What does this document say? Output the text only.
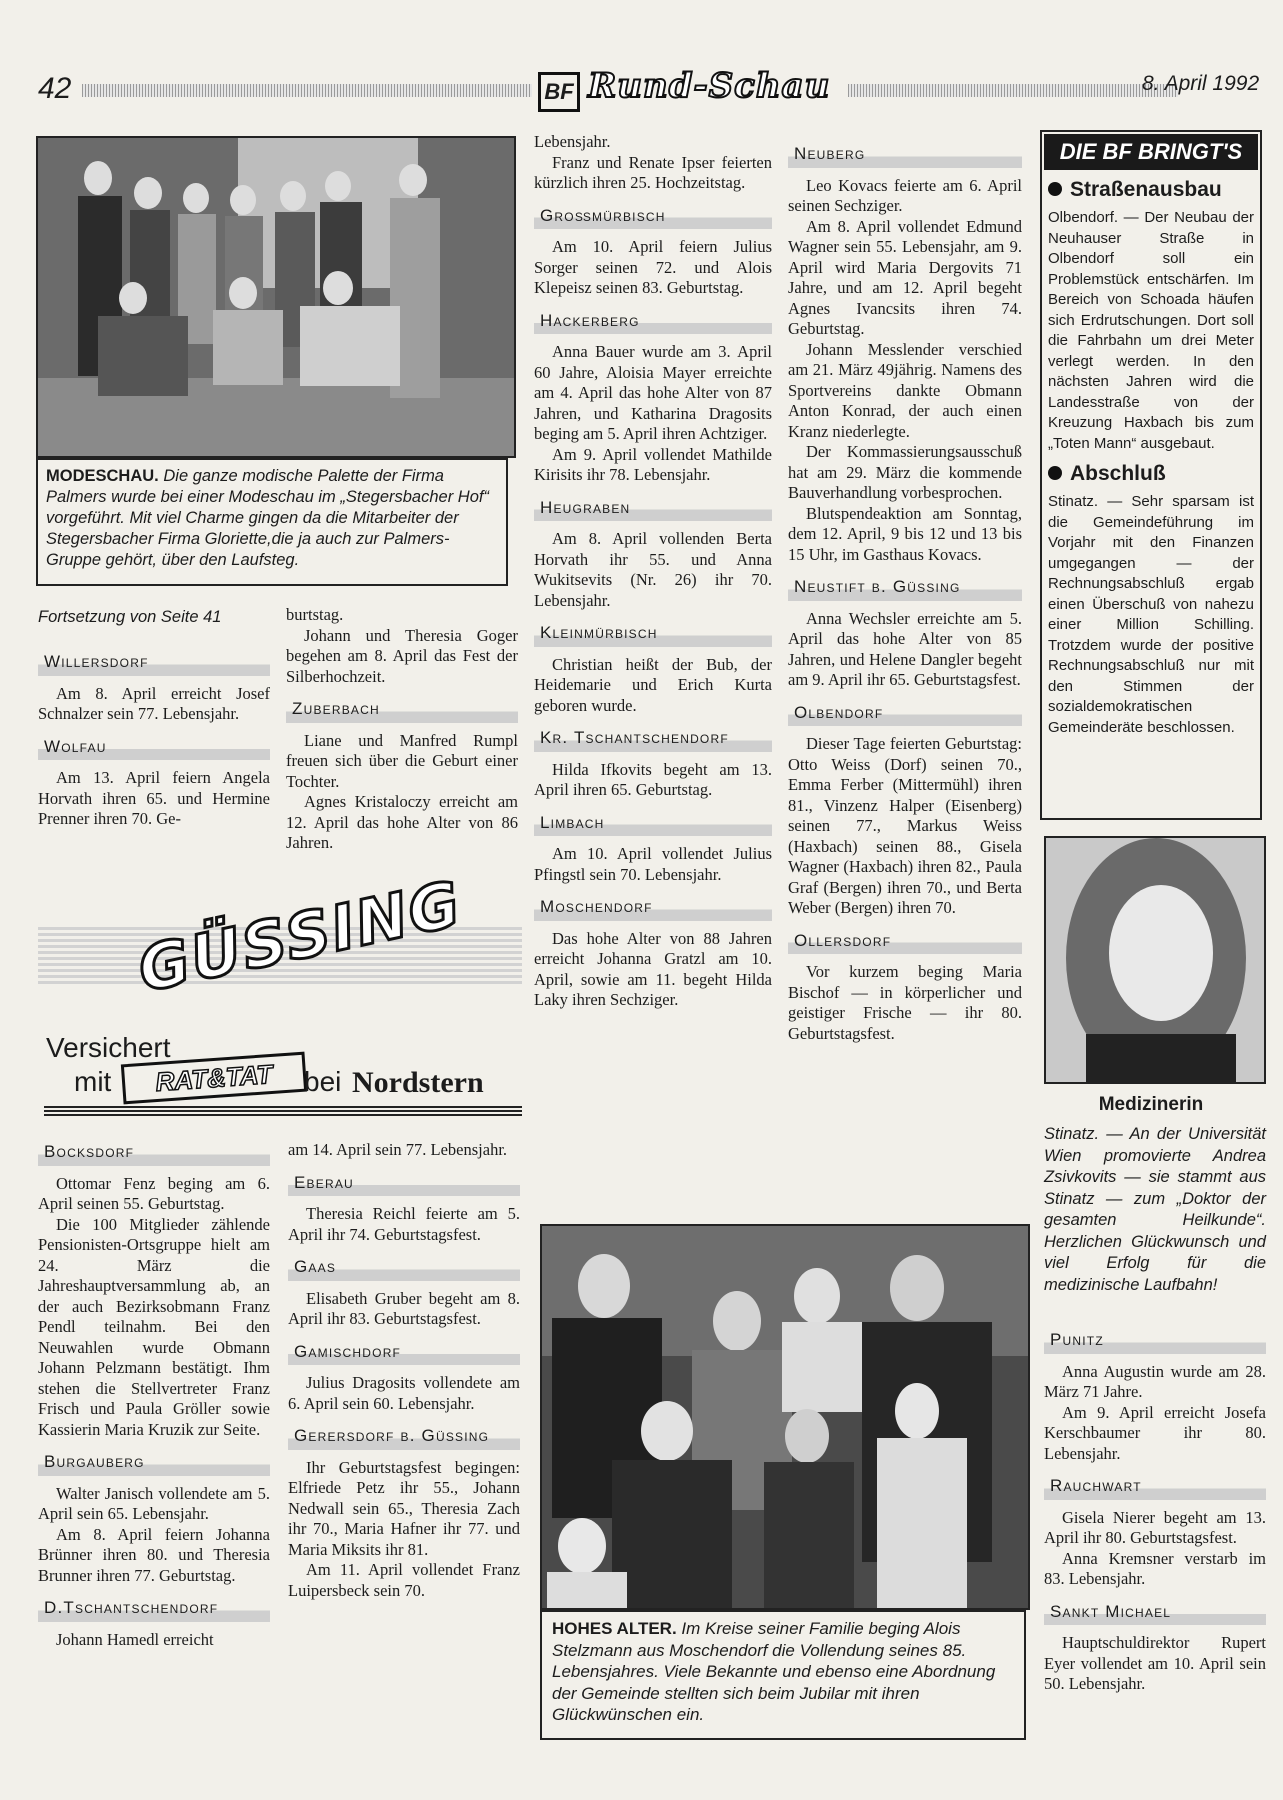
42	BF Rund-Schau	8. April 1992
MODESCHAU. Die ganze modische Palette der Firma Palmers wurde bei einer Modeschau im „Stegersbacher Hof“ vorgeführt. Mit viel Charme gingen da die Mitarbeiter der Stegersbacher Firma Gloriette,die ja auch zur Palmers-Gruppe gehört, über den Laufsteg.
Fortsetzung von Seite 41
Willersdorf

Am 8. April erreicht Josef Schnalzer sein 77. Lebensjahr.

Wolfau

Am 13. April feiern Angela Horvath ihren 65. und Hermine Prenner ihren 70. Ge-

burtstag.

Johann und Theresia Goger begehen am 8. April das Fest der Silberhochzeit.

Zuberbach

Liane und Manfred Rumpl freuen sich über die Geburt einer Tochter.

Agnes Kristaloczy erreicht am 12. April das hohe Alter von 86 Jahren.

GÜSSING
Versichert
mit	RAT&TAT	bei Nordstern
Bocksdorf

Ottomar Fenz beging am 6. April seinen 55. Geburtstag.

Die 100 Mitglieder zählende Pensionisten-Ortsgruppe hielt am 24. März die Jahreshauptversammlung ab, an der auch Bezirksobmann Franz Pendl teilnahm. Bei den Neuwahlen wurde Obmann Johann Pelzmann bestätigt. Ihm stehen die Stellvertreter Franz Frisch und Paula Gröller sowie Kassierin Maria Kruzik zur Seite.

Burgauberg

Walter Janisch vollendete am 5. April sein 65. Lebensjahr.

Am 8. April feiern Johanna Brünner ihren 80. und Theresia Brunner ihren 77. Geburtstag.

D.Tschantschendorf

Johann Hamedl erreicht

am 14. April sein 77. Lebensjahr.

Eberau

Theresia Reichl feierte am 5. April ihr 74. Geburtstagsfest.

Gaas

Elisabeth Gruber begeht am 8. April ihr 83. Geburtstagsfest.

Gamischdorf

Julius Dragosits vollendete am 6. April sein 60. Lebensjahr.

Gerersdorf b. Güssing

Ihr Geburtstagsfest begingen: Elfriede Petz ihr 55., Johann Nedwall sein 65., Theresia Zach ihr 70., Maria Hafner ihr 77. und Maria Miksits ihr 81.

Am 11. April vollendet Franz Luipersbeck sein 70.

Lebensjahr.

Franz und Renate Ipser feierten kürzlich ihren 25. Hochzeitstag.

Großmürbisch

Am 10. April feiern Julius Sorger seinen 72. und Alois Klepeisz seinen 83. Geburtstag.

Hackerberg

Anna Bauer wurde am 3. April 60 Jahre, Aloisia Mayer erreichte am 4. April das hohe Alter von 87 Jahren, und Katharina Dragosits beging am 5. April ihren Achtziger.

Am 9. April vollendet Mathilde Kirisits ihr 78. Lebensjahr.

Heugraben

Am 8. April vollenden Berta Horvath ihr 55. und Anna Wukitsevits (Nr. 26) ihr 70. Lebensjahr.

Kleinmürbisch

Christian heißt der Bub, der Heidemarie und Erich Kurta geboren wurde.

Kr. Tschantschendorf

Hilda Ifkovits begeht am 13. April ihren 65. Geburtstag.

Limbach

Am 10. April vollendet Julius Pfingstl sein 70. Lebensjahr.

Moschendorf

Das hohe Alter von 88 Jahren erreicht Johanna Gratzl am 10. April, sowie am 11. begeht Hilda Laky ihren Sechziger.

Neuberg

Leo Kovacs feierte am 6. April seinen Sechziger.

Am 8. April vollendet Edmund Wagner sein 55. Lebensjahr, am 9. April wird Maria Dergovits 71 Jahre, und am 12. April begeht Agnes Ivancsits ihren 74. Geburtstag.

Johann Messlender verschied am 21. März 49jährig. Namens des Sportvereins dankte Obmann Anton Konrad, der auch einen Kranz niederlegte.

Der Kommassierungsausschuß hat am 29. März die kommende Bauverhandlung vorbesprochen.

Blutspendeaktion am Sonntag, dem 12. April, 9 bis 12 und 13 bis 15 Uhr, im Gasthaus Kovacs.

Neustift b. Güssing

Anna Wechsler erreichte am 5. April das hohe Alter von 85 Jahren, und Helene Dangler begeht am 9. April ihr 65. Geburtstagsfest.

Olbendorf

Dieser Tage feierten Geburtstag: Otto Weiss (Dorf) seinen 70., Emma Ferber (Mittermühl) ihren 81., Vinzenz Halper (Eisenberg) seinen 77., Markus Weiss (Haxbach) seinen 88., Gisela Wagner (Haxbach) ihren 82., Paula Graf (Bergen) ihren 70., und Berta Weber (Bergen) ihren 70.

Ollersdorf

Vor kurzem beging Maria Bischof — in körperlicher und geistiger Frische — ihr 80. Geburtstagsfest.

HOHES ALTER. Im Kreise seiner Familie beging Alois Stelzmann aus Moschendorf die Vollendung seines 85. Lebensjahres. Viele Bekannte und ebenso eine Abordnung der Gemeinde stellten sich beim Jubilar mit ihren Glückwünschen ein.
DIE BF BRINGT'S
Straßenausbau
Olbendorf. — Der Neubau der Neuhauser Straße in Olbendorf soll ein Problemstück entschärfen. Im Bereich von Schoada häufen sich Erdrutschungen. Dort soll die Fahrbahn um drei Meter verlegt werden. In den nächsten Jahren wird die Landesstraße von der Kreuzung Haxbach bis zum „Toten Mann“ ausgebaut.
Abschluß
Stinatz. — Sehr sparsam ist die Gemeindeführung im Vorjahr mit den Finanzen umgegangen — der Rechnungsabschluß ergab einen Überschuß von nahezu einer Million Schilling. Trotzdem wurde der positive Rechnungsabschluß nur mit den Stimmen der sozialdemokratischen Gemeinderäte beschlossen.
Medizinerin
Stinatz. — An der Universität Wien promovierte Andrea Zsivkovits — sie stammt aus Stinatz — zum „Doktor der gesamten Heilkunde“. Herzlichen Glückwunsch und viel Erfolg für die medizinische Laufbahn!
Punitz

Anna Augustin wurde am 28. März 71 Jahre.

Am 9. April erreicht Josefa Kerschbaumer ihr 80. Lebensjahr.

Rauchwart

Gisela Nierer begeht am 13. April ihr 80. Geburtstagsfest.

Anna Kremsner verstarb im 83. Lebensjahr.

Sankt Michael

Hauptschuldirektor Rupert Eyer vollendet am 10. April sein 50. Lebensjahr.
